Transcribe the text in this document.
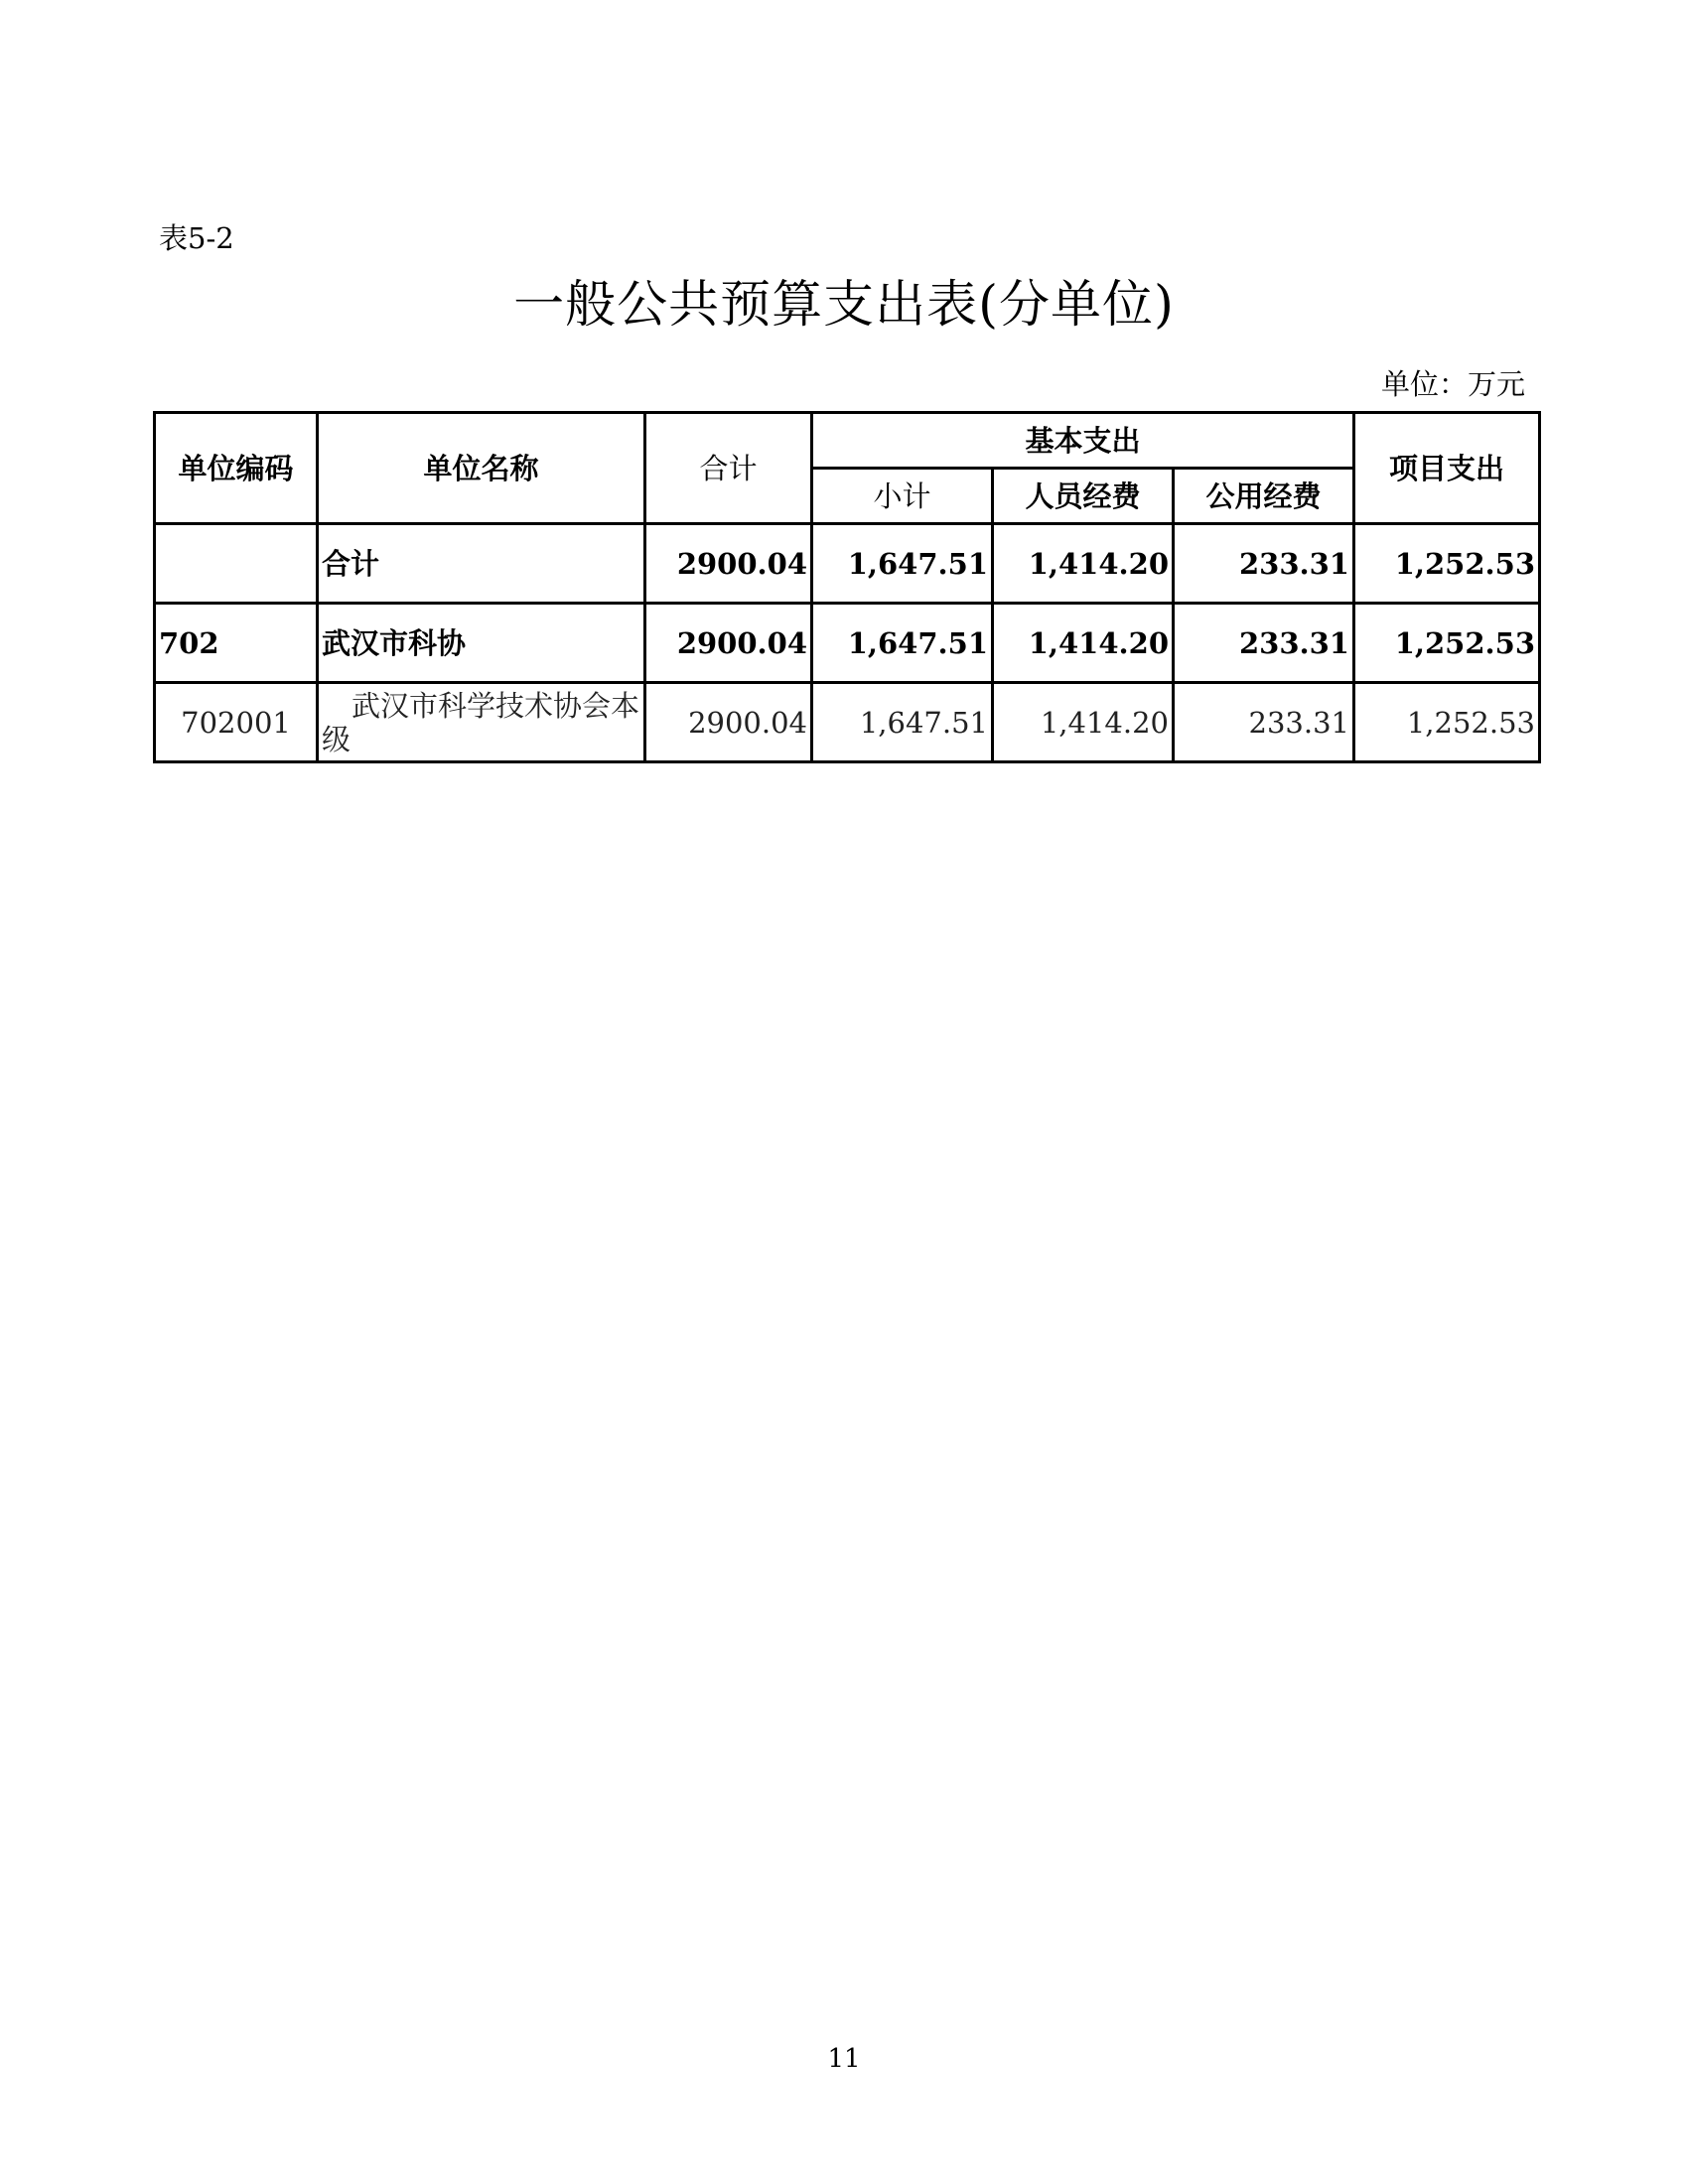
表5-2
一般公共预算支出表(分单位)
单位：万元
单位编码	单位名称	合计	基本支出			项目支出
			小计	人员经费	公用经费	
	合计	2900.04	1,647.51	1,414.20	233.31	1,252.53
702	武汉市科协	2900.04	1,647.51	1,414.20	233.31	1,252.53
702001	武汉市科学技术协会本级	2900.04	1,647.51	1,414.20	233.31	1,252.53
11
